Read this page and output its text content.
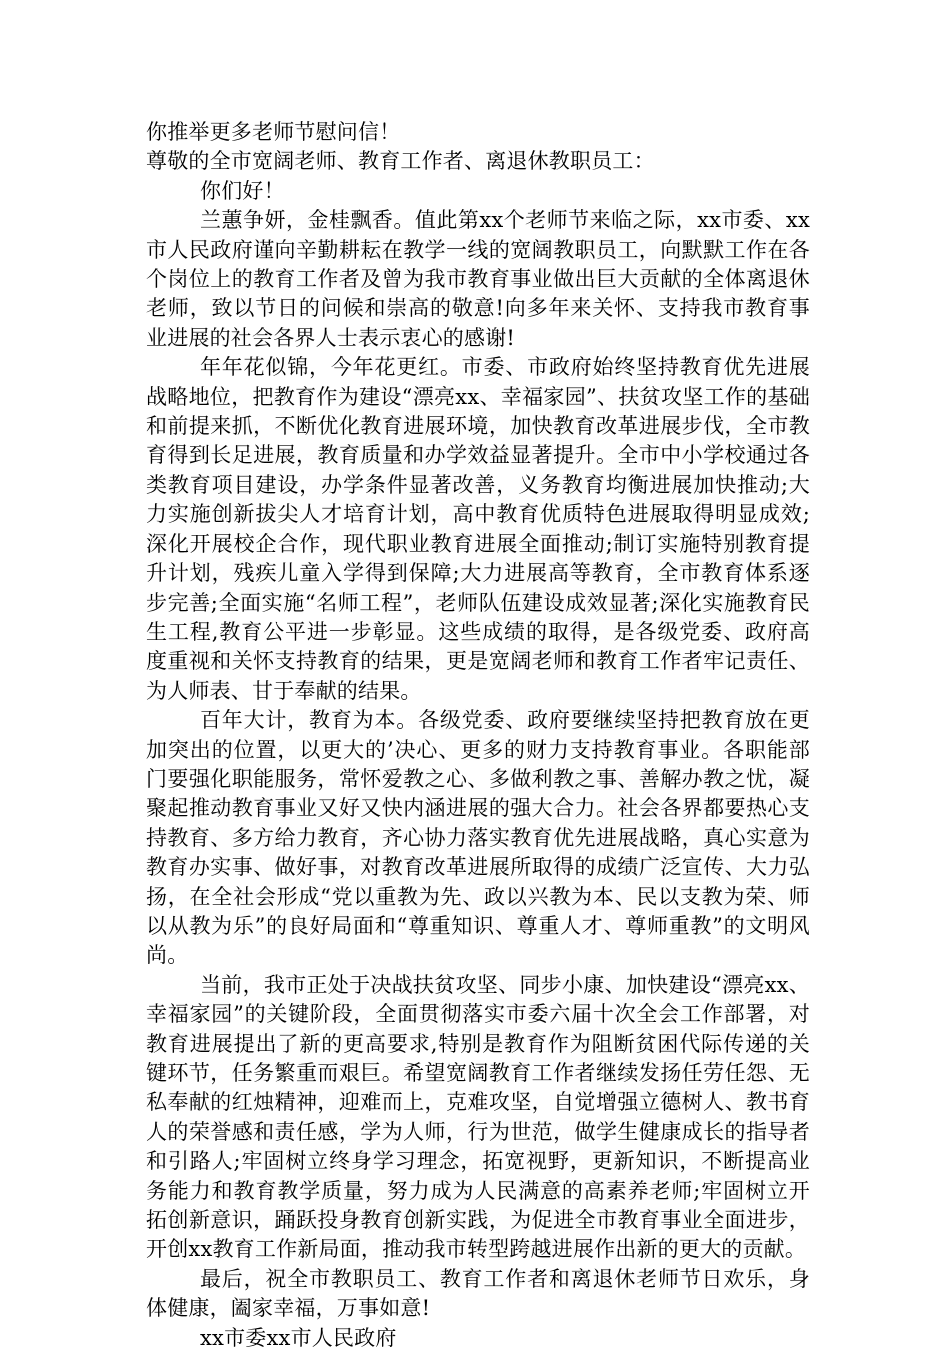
你推举更多老师节慰问信！

尊敬的全市宽阔老师、教育工作者、离退休教职员工：

你们好！

兰蕙争妍，金桂飘香。值此第xx个老师节来临之际，xx市委、xx市人民政府谨向辛勤耕耘在教学一线的宽阔教职员工，向默默工作在各个岗位上的教育工作者及曾为我市教育事业做出巨大贡献的全体离退休老师，致以节日的问候和崇高的敬意!向多年来关怀、支持我市教育事业进展的社会各界人士表示衷心的感谢!

年年花似锦，今年花更红。市委、市政府始终坚持教育优先进展战略地位，把教育作为建设“漂亮xx、幸福家园”、扶贫攻坚工作的基础和前提来抓，不断优化教育进展环境，加快教育改革进展步伐，全市教育得到长足进展，教育质量和办学效益显著提升。全市中小学校通过各类教育项目建设，办学条件显著改善，义务教育均衡进展加快推动;大力实施创新拔尖人才培育计划，高中教育优质特色进展取得明显成效;深化开展校企合作，现代职业教育进展全面推动;制订实施特别教育提升计划，残疾儿童入学得到保障;大力进展高等教育，全市教育体系逐步完善;全面实施“名师工程”，老师队伍建设成效显著;深化实施教育民生工程,教育公平进一步彰显。这些成绩的取得，是各级党委、政府高度重视和关怀支持教育的结果，更是宽阔老师和教育工作者牢记责任、为人师表、甘于奉献的结果。

百年大计，教育为本。各级党委、政府要继续坚持把教育放在更加突出的位置，以更大的’决心、更多的财力支持教育事业。各职能部门要强化职能服务，常怀爱教之心、多做利教之事、善解办教之忧，凝聚起推动教育事业又好又快内涵进展的强大合力。社会各界都要热心支持教育、多方给力教育，齐心协力落实教育优先进展战略，真心实意为教育办实事、做好事，对教育改革进展所取得的成绩广泛宣传、大力弘扬，在全社会形成“党以重教为先、政以兴教为本、民以支教为荣、师以从教为乐”的良好局面和“尊重知识、尊重人才、尊师重教”的文明风尚。

当前，我市正处于决战扶贫攻坚、同步小康、加快建设“漂亮xx、幸福家园”的关键阶段，全面贯彻落实市委六届十次全会工作部署，对教育进展提出了新的更高要求,特别是教育作为阻断贫困代际传递的关键环节，任务繁重而艰巨。希望宽阔教育工作者继续发扬任劳任怨、无私奉献的红烛精神，迎难而上，克难攻坚，自觉增强立德树人、教书育人的荣誉感和责任感，学为人师，行为世范，做学生健康成长的指导者和引路人;牢固树立终身学习理念，拓宽视野，更新知识，不断提高业务能力和教育教学质量，努力成为人民满意的高素养老师;牢固树立开拓创新意识，踊跃投身教育创新实践，为促进全市教育事业全面进步，开创xx教育工作新局面，推动我市转型跨越进展作出新的更大的贡献。

最后，祝全市教职员工、教育工作者和离退休老师节日欢乐，身体健康，阖家幸福，万事如意!

xx市委xx市人民政府
